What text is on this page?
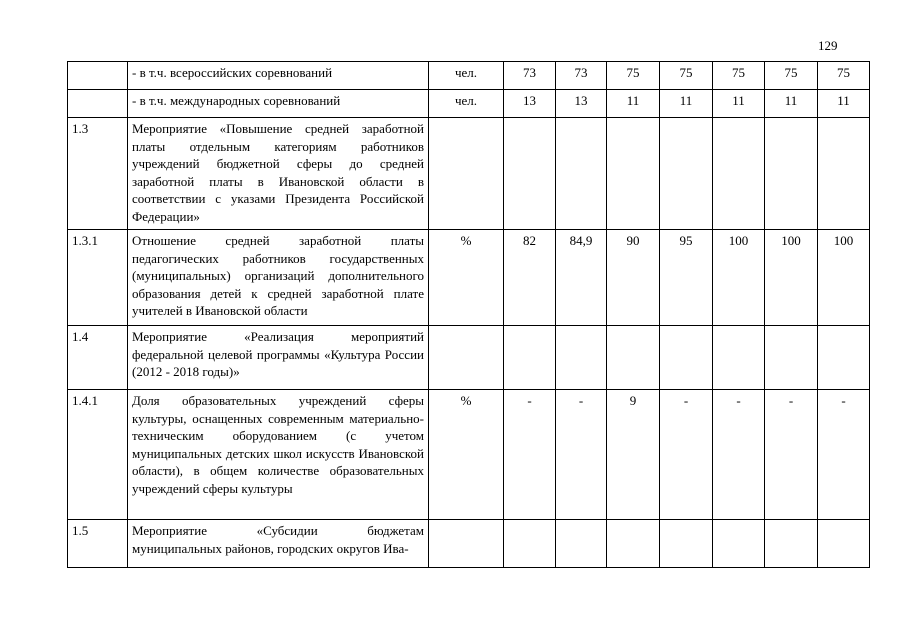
129
	- в т.ч. всероссийских соревнований	чел.	73	73	75	75	75	75	75
	- в т.ч. международных соревнований	чел.	13	13	11	11	11	11	11
1.3	Мероприятие «Повышение средней заработной платы отдельным категориям работников учреждений бюджетной сферы до средней заработной платы в Ивановской области в соответствии с указами Президента Российской Федерации»								
1.3.1	Отношение средней заработной платы педагогических работников государственных (муниципальных) организаций дополнительного образования детей к средней заработной плате учителей в Ивановской области	%	82	84,9	90	95	100	100	100
1.4	Мероприятие «Реализация мероприятий федеральной целевой программы «Культура России (2012 - 2018 годы)»								
1.4.1	Доля образовательных учреждений сферы культуры, оснащенных современным материально-техническим оборудованием (с учетом муниципальных детских школ искусств Ивановской области), в общем количестве образовательных учреждений сферы культуры	%	-	-	9	-	-	-	-
1.5	Мероприятие «Субсидии бюджетам муниципальных районов, городских округов Ива-								
